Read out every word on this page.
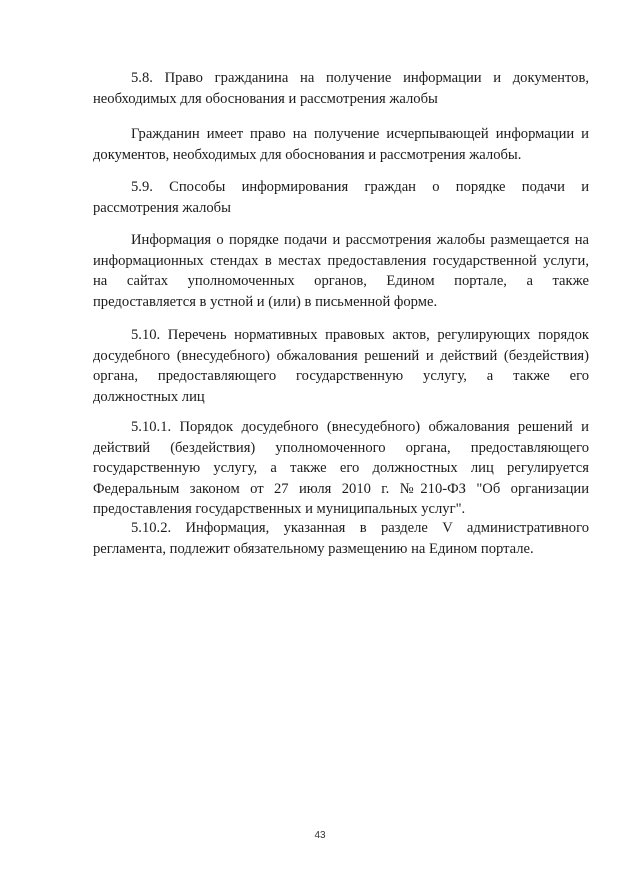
5.8. Право гражданина на получение информации и документов,
необходимых для обоснования и рассмотрения жалобы
Гражданин имеет право на получение исчерпывающей информации и
документов, необходимых для обоснования и рассмотрения жалобы.
5.9. Способы информирования граждан о порядке подачи и
рассмотрения жалобы
Информация о порядке подачи и рассмотрения жалобы размещается на
информационных стендах в местах предоставления государственной услуги,
на сайтах уполномоченных органов, Едином портале, а также
предоставляется в устной и (или) в письменной форме.
5.10. Перечень нормативных правовых актов, регулирующих порядок
досудебного (внесудебного) обжалования решений и действий (бездействия)
органа, предоставляющего государственную услугу, а также его
должностных лиц
5.10.1. Порядок досудебного (внесудебного) обжалования решений и
действий (бездействия) уполномоченного органа, предоставляющего
государственную услугу, а также его должностных лиц регулируется
Федеральным законом от 27 июля 2010 г. №210-ФЗ "Об организации
предоставления государственных и муниципальных услуг".
5.10.2. Информация, указанная в разделе V административного
регламента, подлежит обязательному размещению на Едином портале.
43
